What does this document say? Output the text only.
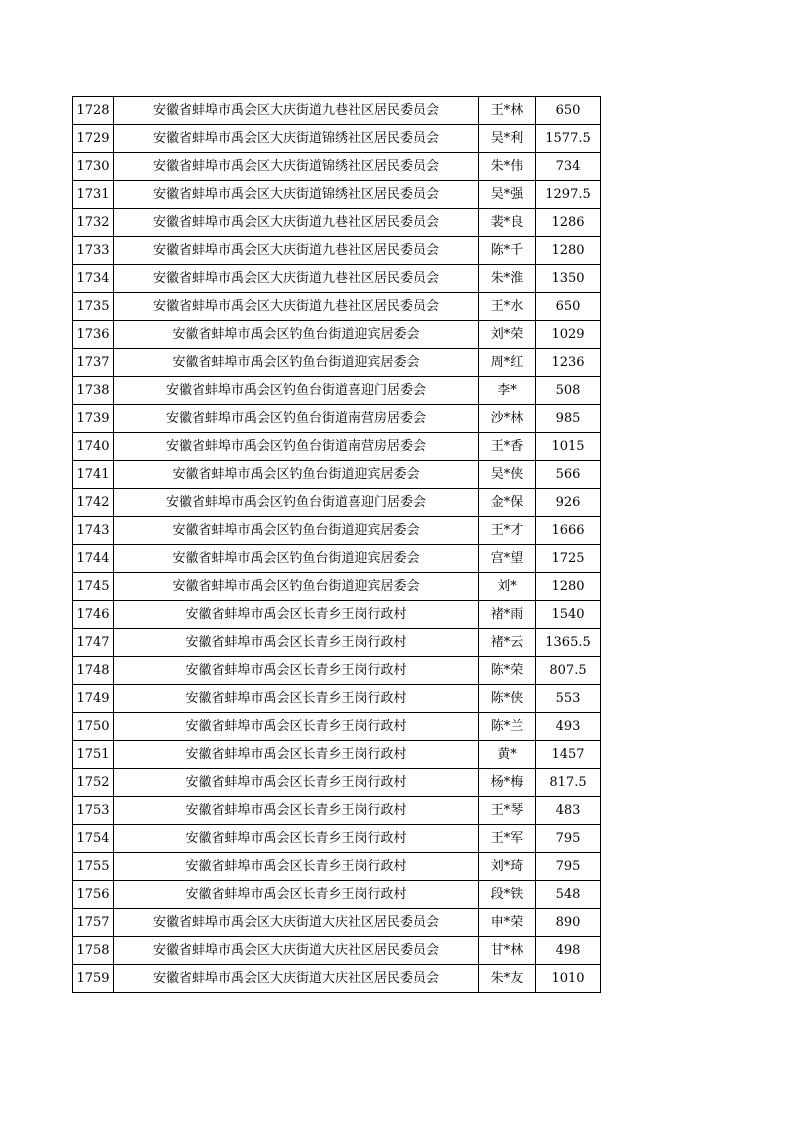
1728	安徽省蚌埠市禹会区大庆街道九巷社区居民委员会	王*林	650
1729	安徽省蚌埠市禹会区大庆街道锦绣社区居民委员会	吴*利	1577.5
1730	安徽省蚌埠市禹会区大庆街道锦绣社区居民委员会	朱*伟	734
1731	安徽省蚌埠市禹会区大庆街道锦绣社区居民委员会	吴*强	1297.5
1732	安徽省蚌埠市禹会区大庆街道九巷社区居民委员会	裴*良	1286
1733	安徽省蚌埠市禹会区大庆街道九巷社区居民委员会	陈*千	1280
1734	安徽省蚌埠市禹会区大庆街道九巷社区居民委员会	朱*淮	1350
1735	安徽省蚌埠市禹会区大庆街道九巷社区居民委员会	王*水	650
1736	安徽省蚌埠市禹会区钓鱼台街道迎宾居委会	刘*荣	1029
1737	安徽省蚌埠市禹会区钓鱼台街道迎宾居委会	周*红	1236
1738	安徽省蚌埠市禹会区钓鱼台街道喜迎门居委会	李*	508
1739	安徽省蚌埠市禹会区钓鱼台街道南营房居委会	沙*林	985
1740	安徽省蚌埠市禹会区钓鱼台街道南营房居委会	王*香	1015
1741	安徽省蚌埠市禹会区钓鱼台街道迎宾居委会	吴*侠	566
1742	安徽省蚌埠市禹会区钓鱼台街道喜迎门居委会	金*保	926
1743	安徽省蚌埠市禹会区钓鱼台街道迎宾居委会	王*才	1666
1744	安徽省蚌埠市禹会区钓鱼台街道迎宾居委会	宫*望	1725
1745	安徽省蚌埠市禹会区钓鱼台街道迎宾居委会	刘*	1280
1746	安徽省蚌埠市禹会区长青乡王岗行政村	褚*雨	1540
1747	安徽省蚌埠市禹会区长青乡王岗行政村	褚*云	1365.5
1748	安徽省蚌埠市禹会区长青乡王岗行政村	陈*荣	807.5
1749	安徽省蚌埠市禹会区长青乡王岗行政村	陈*侠	553
1750	安徽省蚌埠市禹会区长青乡王岗行政村	陈*兰	493
1751	安徽省蚌埠市禹会区长青乡王岗行政村	黄*	1457
1752	安徽省蚌埠市禹会区长青乡王岗行政村	杨*梅	817.5
1753	安徽省蚌埠市禹会区长青乡王岗行政村	王*琴	483
1754	安徽省蚌埠市禹会区长青乡王岗行政村	王*军	795
1755	安徽省蚌埠市禹会区长青乡王岗行政村	刘*琦	795
1756	安徽省蚌埠市禹会区长青乡王岗行政村	段*铁	548
1757	安徽省蚌埠市禹会区大庆街道大庆社区居民委员会	申*荣	890
1758	安徽省蚌埠市禹会区大庆街道大庆社区居民委员会	甘*林	498
1759	安徽省蚌埠市禹会区大庆街道大庆社区居民委员会	朱*友	1010
